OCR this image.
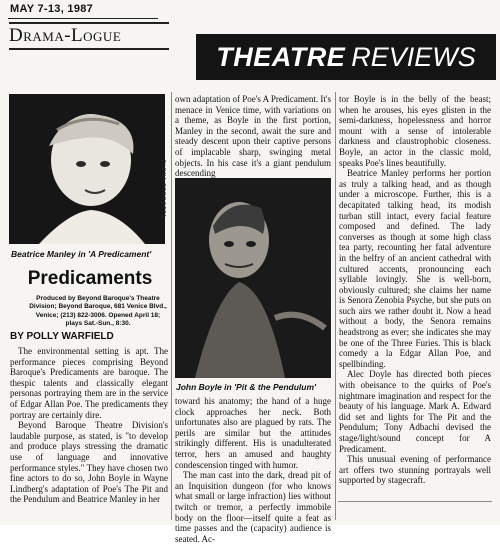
MAY 7-13, 1987
Drama-Logue
THEATRE REVIEWS
ELENA PERROTTA
Beatrice Manley in 'A Predicament'
Predicaments
Produced by Beyond Baroque's Theatre Division; Beyond Baroque, 681 Venice Blvd., Venice; (213) 822-3006. Opened April 18; plays Sat.-Sun., 8:30.
BY POLLY WARFIELD

The environmental setting is apt. The performance pieces comprising Beyond Baroque's Predicaments are baroque. The thespic talents and classically elegant personas portraying them are in the service of Edgar Allan Poe. The predicaments they portray are certainly dire.

Beyond Baroque Theatre Division's laudable purpose, as stated, is "to develop and produce plays stressing the dramatic use of language and innovative performance styles." They have chosen two fine actors to do so, John Boyle in Wayne Lindberg's adaptation of Poe's The Pit and the Pendulum and Beatrice Manley in her

own adaptation of Poe's A Predicament. It's menace in Venice time, with variations on a theme, as Boyle in the first portion, Manley in the second, await the sure and steady descent upon their captive persons of implacable sharp, swinging metal objects. In his case it's a giant pendulum descending

ELENA PERROTTA
John Boyle in 'Pit & the Pendulum'

toward his anatomy; the hand of a huge clock approaches her neck. Both unfortunates also are plagued by rats. The perils are similar but the attitudes strikingly different. His is unadulterated terror, hers an amused and haughty condescension tinged with humor.

The man cast into the dark, dread pit of an Inquisition dungeon (for who knows what small or large infraction) lies without twitch or tremor, a perfectly immobile body on the floor—itself quite a feat as time passes and the (capacity) audience is seated. Ac-

tor Boyle is in the belly of the beast; when he arouses, his eyes glisten in the semi-darkness, hopelessness and horror mount with a sense of intolerable darkness and claustrophobic closeness. Boyle, an actor in the classic mold, speaks Poe's lines beautifully.

Beatrice Manley performs her portion as truly a talking head, and as though under a microscope. Further, this is a decapitated talking head, its modish turban still intact, every facial feature composed and defined. The lady converses as though at some high class tea party, recounting her fatal adventure in the belfry of an ancient cathedral with cultured accents, pronouncing each syllable lovingly. She is well-born, obviously cultured; she claims her name is Senora Zenobia Psyche, but she puts on such airs we rather doubt it. Now a head without a body, the Senora remains headstrong as ever; she indicates she may be one of the Three Furies. This is black comedy a la Edgar Allan Poe, and spellbinding.

Alec Doyle has directed both pieces with obeisance to the quirks of Poe's nightmare imagination and respect for the beauty of his language. Mark A. Edward did set and lights for The Pit and the Pendulum; Tony Adbachi devised the stage/light/sound concept for A Predicament.

This unusual evening of performance art offers two stunning portrayals well supported by stagecraft.
